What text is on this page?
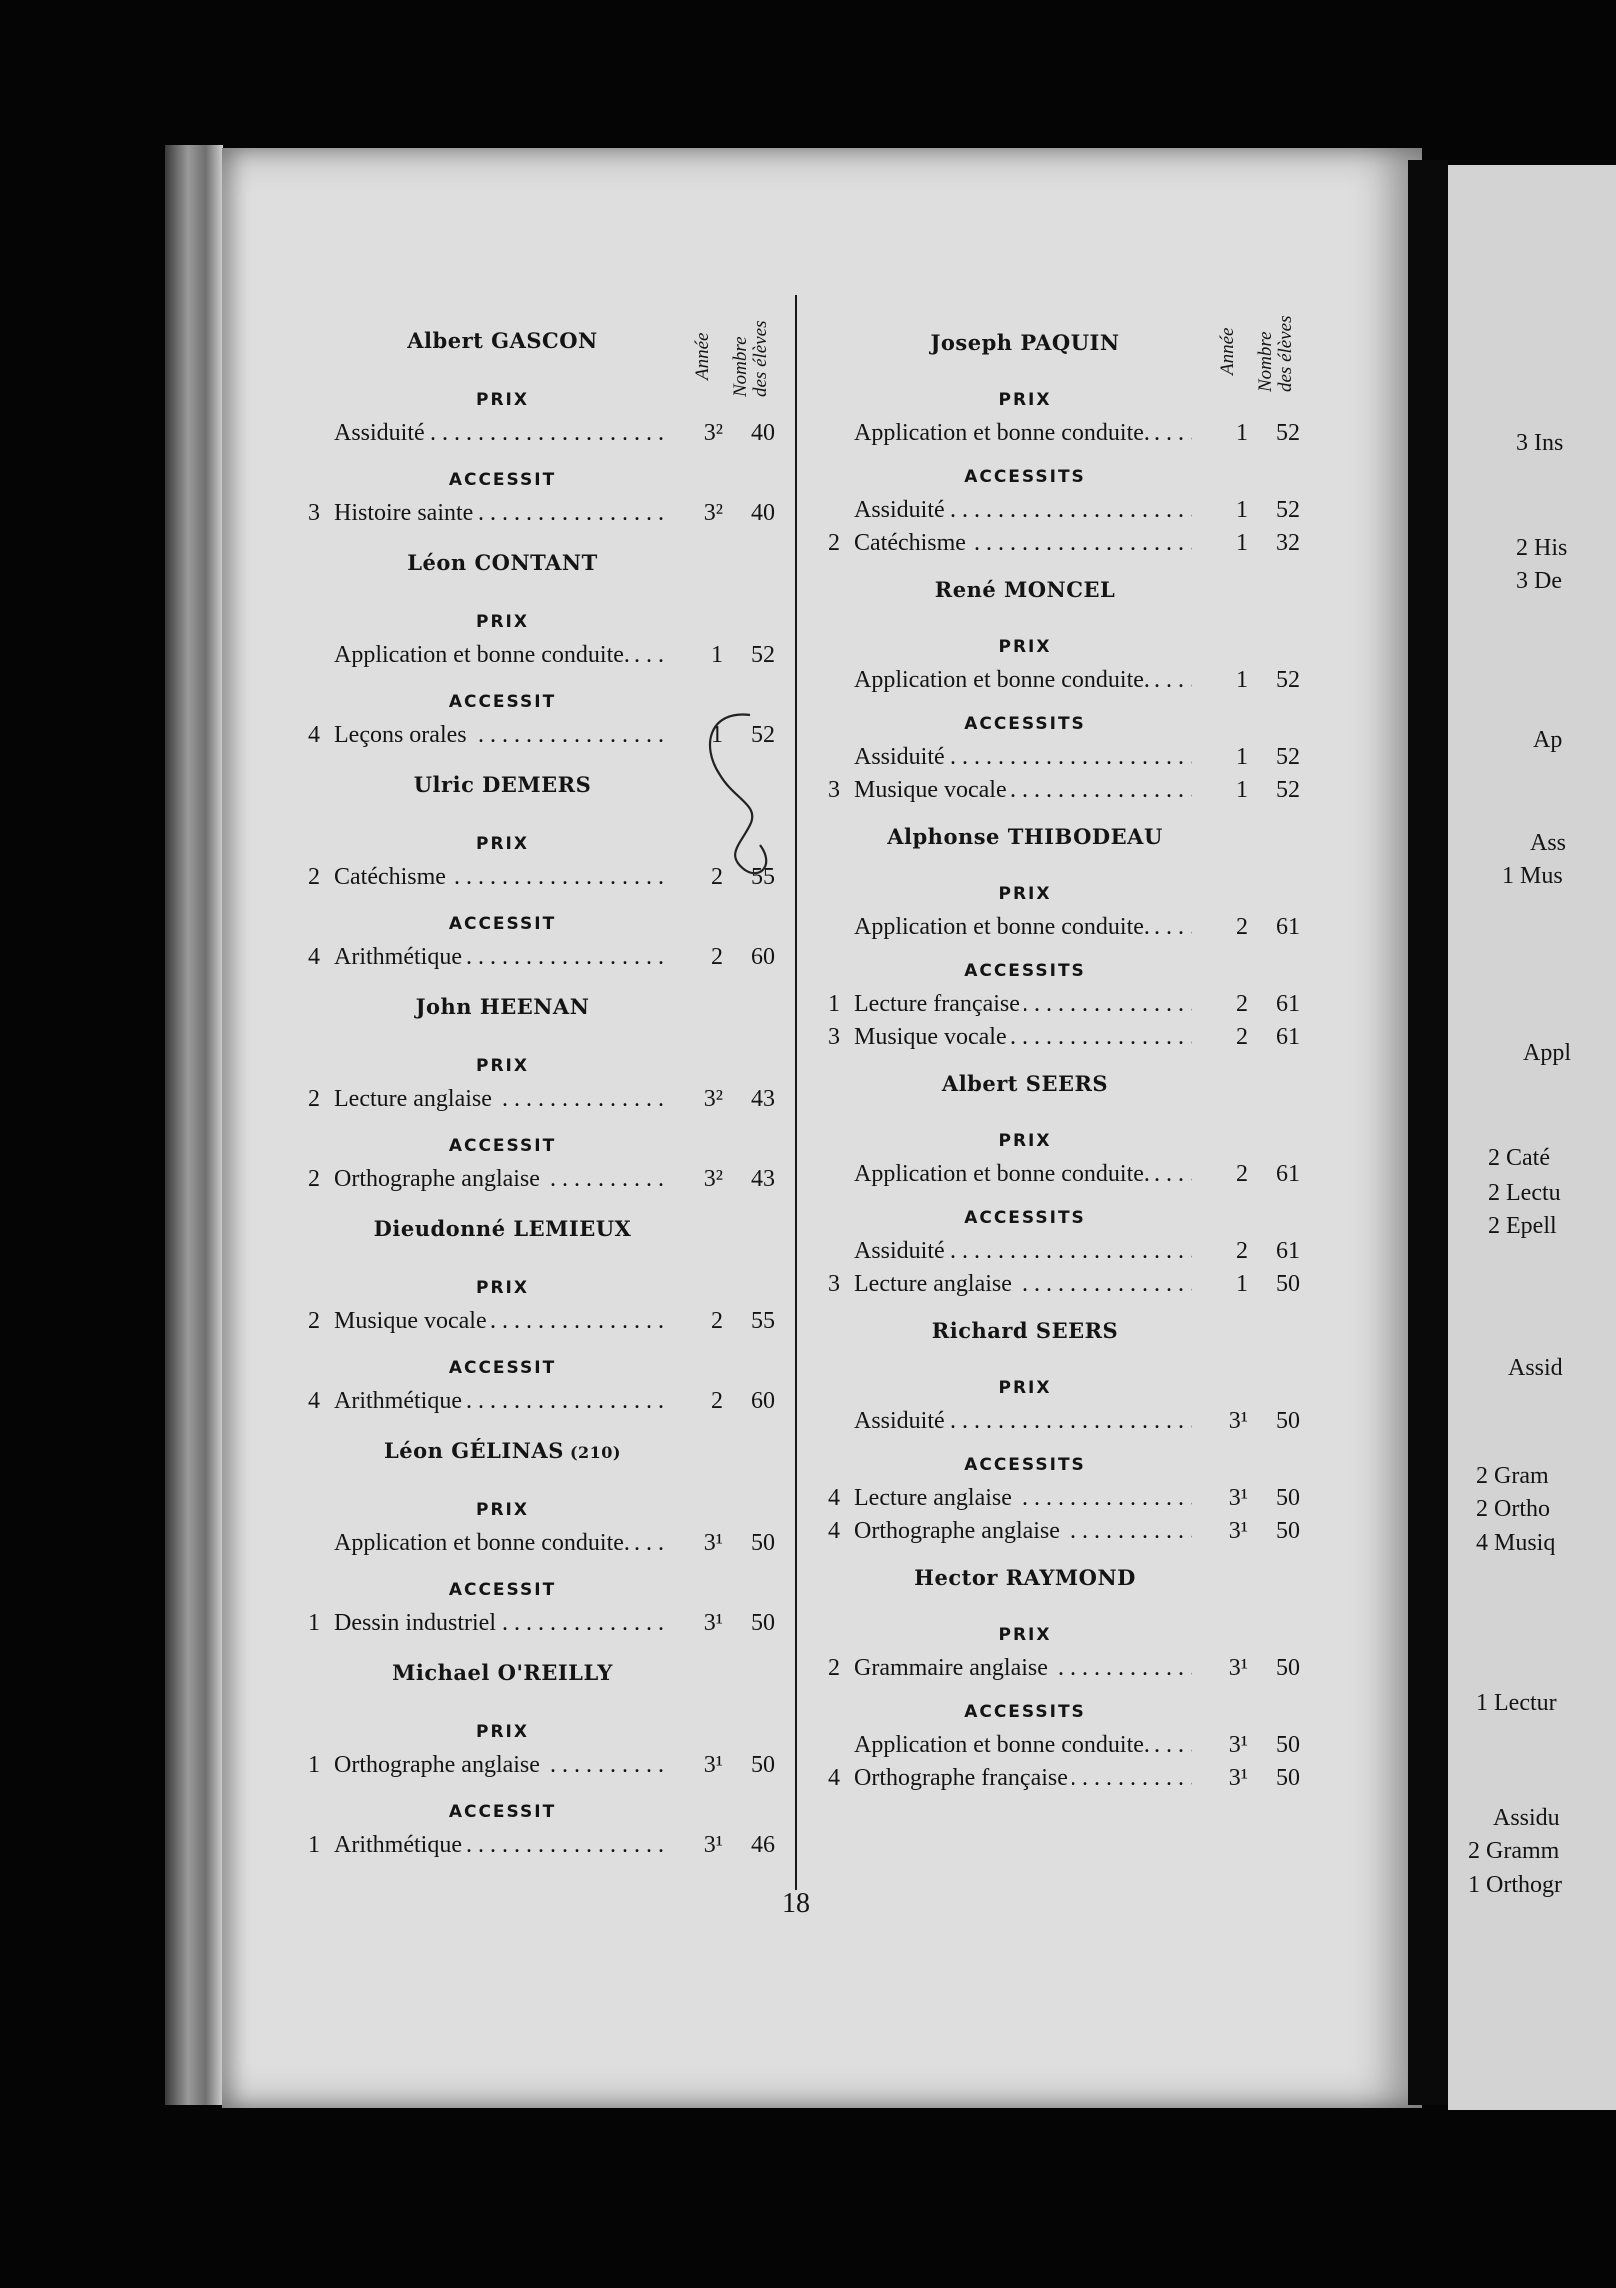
3 Ins
2 His
3 De
Ap
Ass
1 Mus
Appl
2 Caté
2 Lectu
2 Epell
Assid
2 Gram
2 Ortho
4 Musiq
1 Lectur
Assidu
2 Gramm
1 Orthogr
Année Nombre des élèves
Albert GASCON
PRIX
. . .
Assiduité	3²	40
ACCESSIT
3 . . . Histoire sainte	3²	40
Léon CONTANT
PRIX
. . .
Application et bonne conduite.	1	52
ACCESSIT
4 . . . Leçons orales	1	52
Ulric DEMERS
PRIX
2 . . . Catéchisme	2	55
ACCESSIT
4 . . . Arithmétique	2	60
John HEENAN
PRIX
2 . . . Lecture anglaise	3²	43
ACCESSIT
2 . . . Orthographe anglaise	3²	43
Dieudonné LEMIEUX
PRIX
2 . . . Musique vocale	2	55
ACCESSIT
4 . . . Arithmétique	2	60
Léon GÉLINAS (210)
PRIX
. . .
Application et bonne conduite.	3¹	50
ACCESSIT
1 . . . Dessin industriel	3¹	50
Michael O'REILLY
PRIX
1 . . . Orthographe anglaise	3¹	50
ACCESSIT
1 . . . Arithmétique	3¹	46
Année Nombre des élèves
Joseph PAQUIN
PRIX
. . .
Application et bonne conduite.	1	52
ACCESSITS
. . .
Assiduité	1	52
2 . . . Catéchisme	1	32
René MONCEL
PRIX
. . .
Application et bonne conduite.	1	52
ACCESSITS
. . .
Assiduité	1	52
3 . . . Musique vocale	1	52
Alphonse THIBODEAU
PRIX
. . .
Application et bonne conduite.	2	61
ACCESSITS
1 . . . Lecture française	2	61
3 . . . Musique vocale	2	61
Albert SEERS
PRIX
. . .
Application et bonne conduite.	2	61
ACCESSITS
. . .
Assiduité	2	61
3 . . . Lecture anglaise	1	50
Richard SEERS
PRIX
. . .
Assiduité	3¹	50
ACCESSITS
4 . . . Lecture anglaise	3¹	50
4 . . . Orthographe anglaise	3¹	50
Hector RAYMOND
PRIX
2 . . . Grammaire anglaise	3¹	50
ACCESSITS
. . .
Application et bonne conduite.	3¹	50
4 . . . Orthographe française	3¹	50
18
